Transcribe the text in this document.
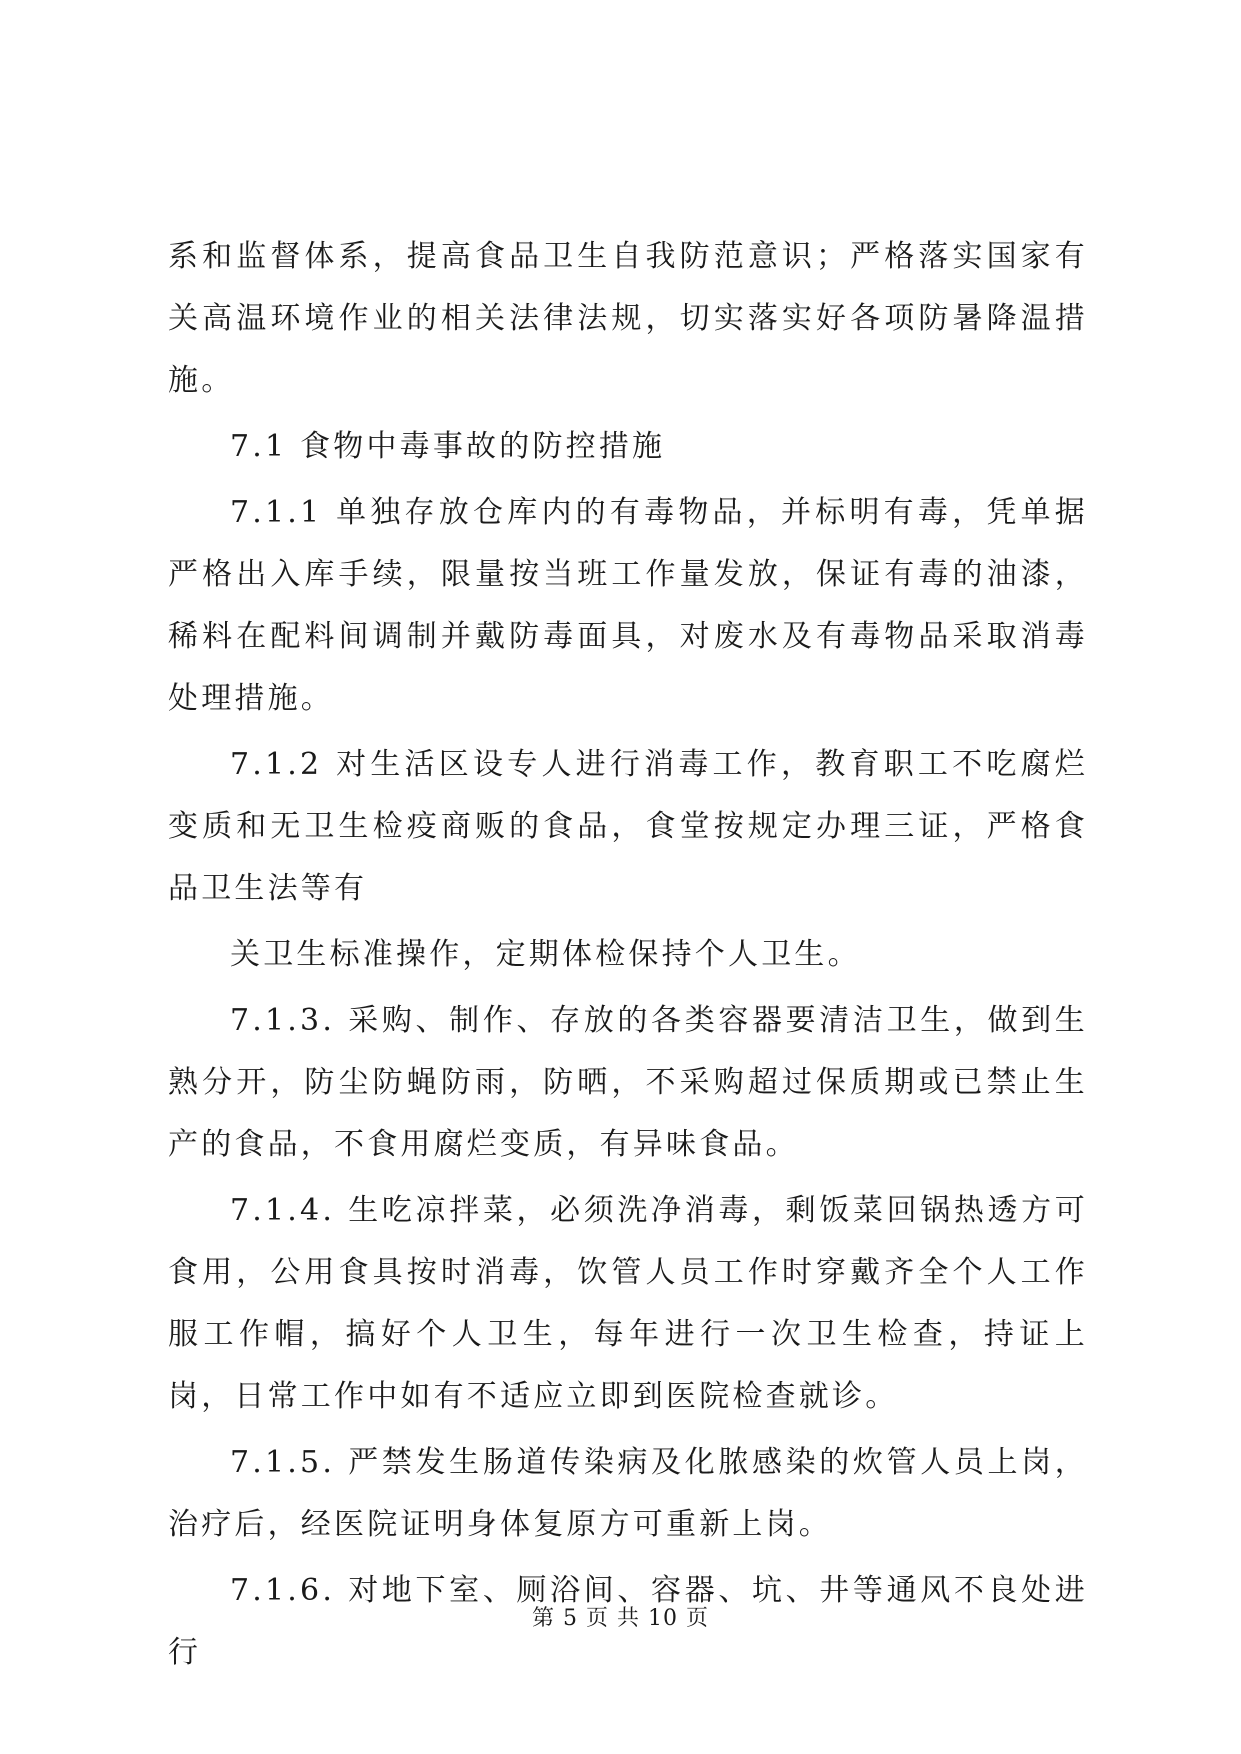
系和监督体系，提高食品卫生自我防范意识；严格落实国家有关高温环境作业的相关法律法规，切实落实好各项防暑降温措施。

7.1 食物中毒事故的防控措施

7.1.1 单独存放仓库内的有毒物品，并标明有毒，凭单据严格出入库手续，限量按当班工作量发放，保证有毒的油漆，稀料在配料间调制并戴防毒面具，对废水及有毒物品采取消毒处理措施。

7.1.2 对生活区设专人进行消毒工作，教育职工不吃腐烂变质和无卫生检疫商贩的食品，食堂按规定办理三证，严格食品卫生法等有

关卫生标准操作，定期体检保持个人卫生。

7.1.3. 采购、制作、存放的各类容器要清洁卫生，做到生熟分开，防尘防蝇防雨，防晒，不采购超过保质期或已禁止生产的食品，不食用腐烂变质，有异味食品。

7.1.4. 生吃凉拌菜，必须洗净消毒，剩饭菜回锅热透方可食用，公用食具按时消毒，饮管人员工作时穿戴齐全个人工作服工作帽，搞好个人卫生，每年进行一次卫生检查，持证上岗，日常工作中如有不适应立即到医院检查就诊。

7.1.5. 严禁发生肠道传染病及化脓感染的炊管人员上岗，治疗后，经医院证明身体复原方可重新上岗。

7.1.6. 对地下室、厕浴间、容器、坑、井等通风不良处进行

第 5 页 共 10 页
